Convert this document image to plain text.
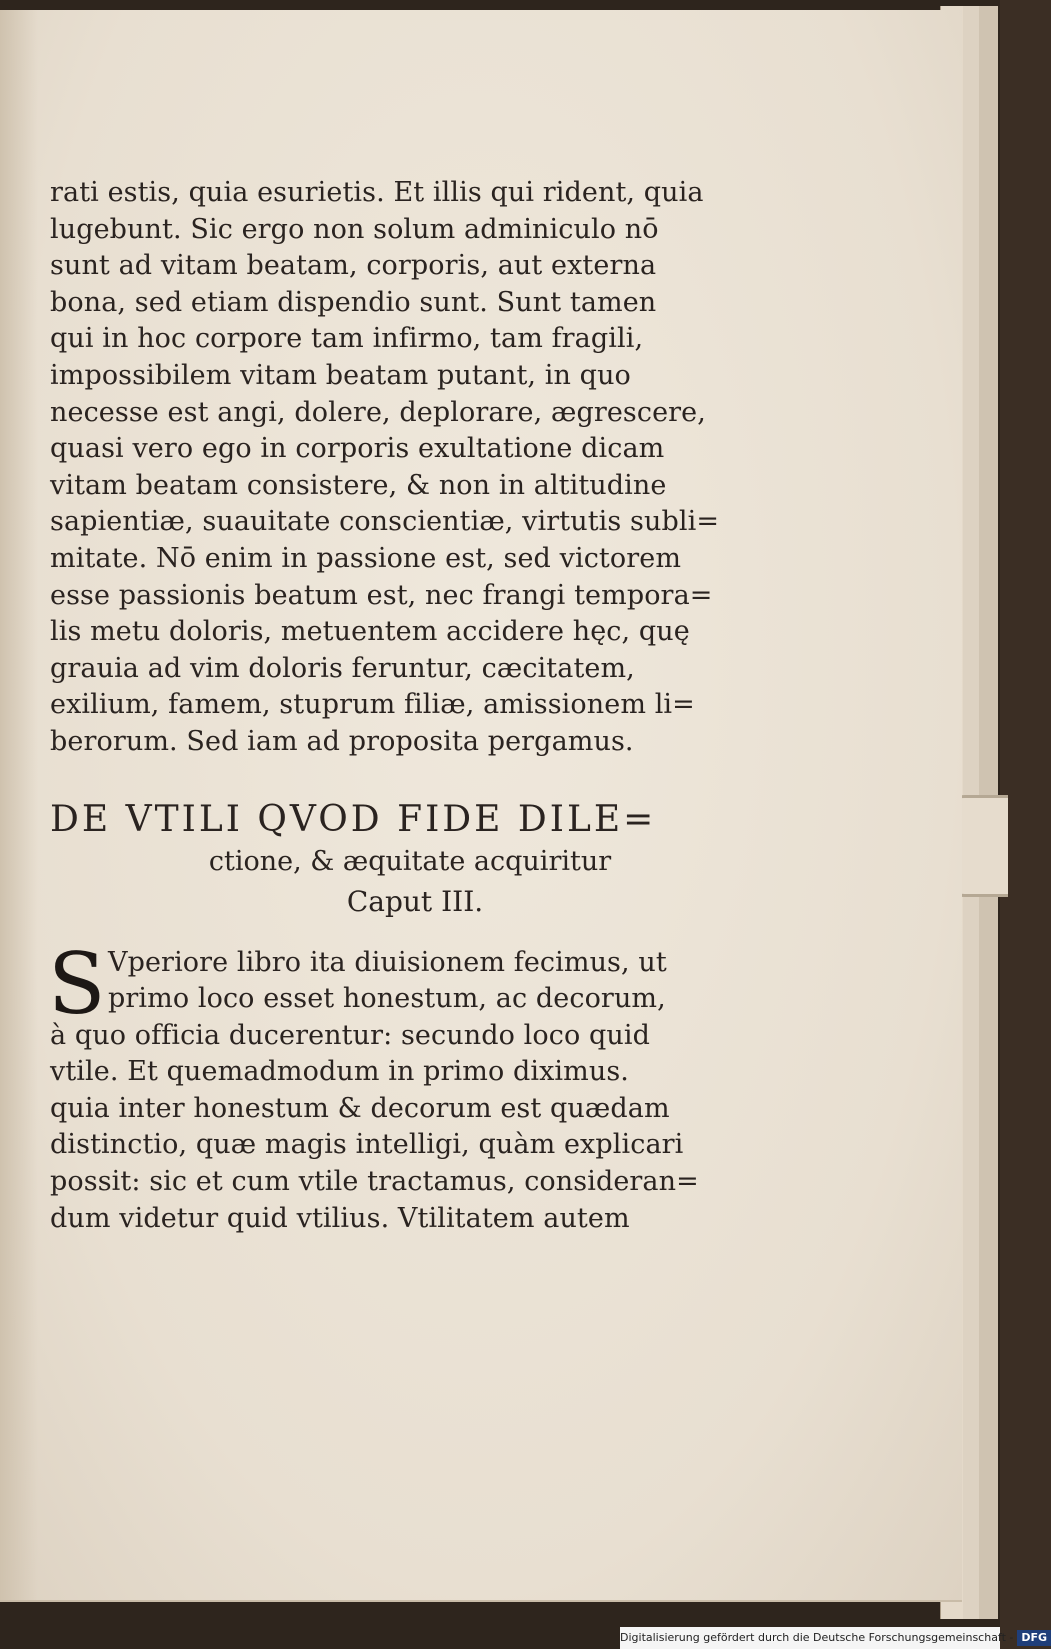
rati estis, quia esurietis. Et illis qui rident, quia
lugebunt. Sic ergo non solum adminiculo nō
sunt ad vitam beatam, corporis, aut externa
bona, sed etiam dispendio sunt. Sunt tamen
qui in hoc corpore tam infirmo, tam fragili,
impossibilem vitam beatam putant, in quo
necesse est angi, dolere, deplorare, ægrescere,
quasi vero ego in corporis exultatione dicam
vitam beatam consistere, & non in altitudine
sapientiæ, suauitate conscientiæ, virtutis subli=
mitate. Nō enim in passione est, sed victorem
esse passionis beatum est, nec frangi tempora=
lis metu doloris, metuentem accidere hęc, quę
grauia ad vim doloris feruntur, cæcitatem,
exilium, famem, stuprum filiæ, amissionem li=
berorum. Sed iam ad proposita pergamus.
DE VTILI QVOD FIDE DILE=
ctione, & æquitate acquiritur
Caput III.
S Vperiore libro ita diuisionem fecimus, ut
primo loco esset honestum, ac decorum,
à quo officia ducerentur: secundo loco quid
vtile. Et quemadmodum in primo diximus.
quia inter honestum & decorum est quædam
distinctio, quæ magis intelligi, quàm explicari
possit: sic et cum vtile tractamus, consideran=
dum videtur quid vtilius. Vtilitatem autem
Digitalisierung gefördert durch die Deutsche Forschungsgemeinschaft - DFG
